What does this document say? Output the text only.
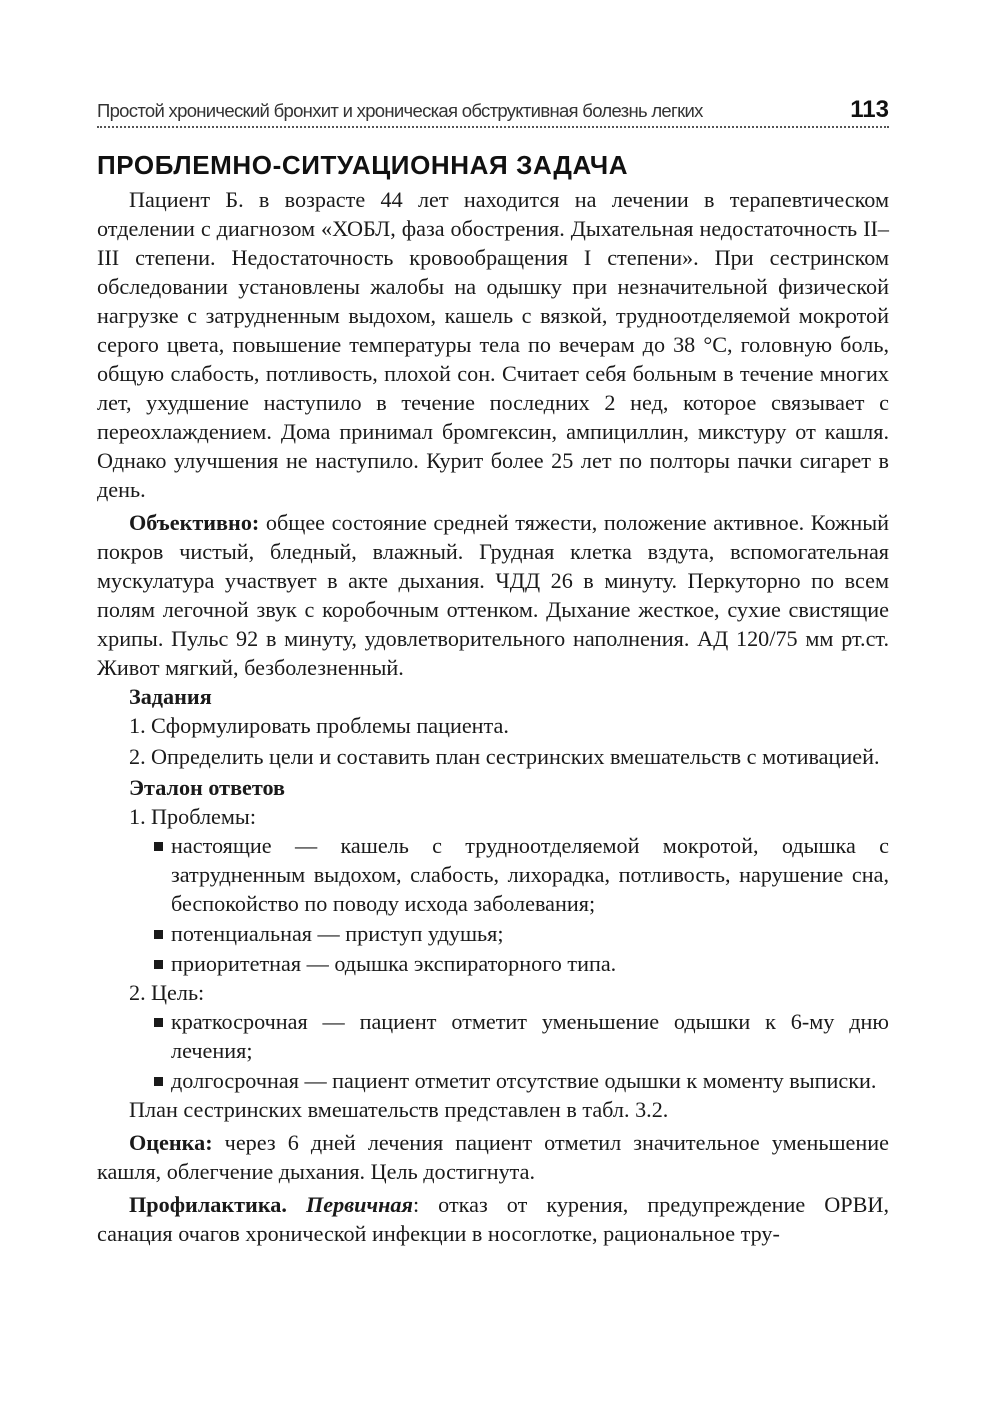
Простой хронический бронхит и хроническая обструктивная болезнь легких	113
ПРОБЛЕМНО-СИТУАЦИОННАЯ ЗАДАЧА

Пациент Б. в возрасте 44 лет находится на лечении в терапевтическом отделении с диагнозом «ХОБЛ, фаза обострения. Дыхательная недостаточность II–III степени. Недостаточность кровообращения I степени». При сестринском обследовании установлены жалобы на одышку при незначительной физической нагрузке с затрудненным выдохом, кашель с вязкой, трудноотделяемой мокротой серого цвета, повышение температуры тела по вечерам до 38 °С, головную боль, общую слабость, потливость, плохой сон. Считает себя больным в течение многих лет, ухудшение наступило в течение последних 2 нед, которое связывает с переохлаждением. Дома принимал бромгексин, ампициллин, микстуру от кашля. Однако улучшения не наступило. Курит более 25 лет по полторы пачки сигарет в день.

Объективно: общее состояние средней тяжести, положение активное. Кожный покров чистый, бледный, влажный. Грудная клетка вздута, вспомогательная мускулатура участвует в акте дыхания. ЧДД 26 в минуту. Перкуторно по всем полям легочной звук с коробочным оттенком. Дыхание жесткое, сухие свистящие хрипы. Пульс 92 в минуту, удовлетворительного наполнения. АД 120/75 мм рт.ст. Живот мягкий, безболезненный.

Задания
1. Сформулировать проблемы пациента.
2. Определить цели и составить план сестринских вмешательств с мотивацией.
Эталон ответов
1. Проблемы:
настоящие — кашель с трудноотделяемой мокротой, одышка с затрудненным выдохом, слабость, лихорадка, потливость, нарушение сна, беспокойство по поводу исхода заболевания;
потенциальная — приступ удушья;
приоритетная — одышка экспираторного типа.
2. Цель:
краткосрочная — пациент отметит уменьшение одышки к 6-му дню лечения;
долгосрочная — пациент отметит отсутствие одышки к моменту выписки.

План сестринских вмешательств представлен в табл. 3.2.

Оценка: через 6 дней лечения пациент отметил значительное уменьшение кашля, облегчение дыхания. Цель достигнута.

Профилактика. Первичная: отказ от курения, предупреждение ОРВИ, санация очагов хронической инфекции в носоглотке, рациональное тру-
